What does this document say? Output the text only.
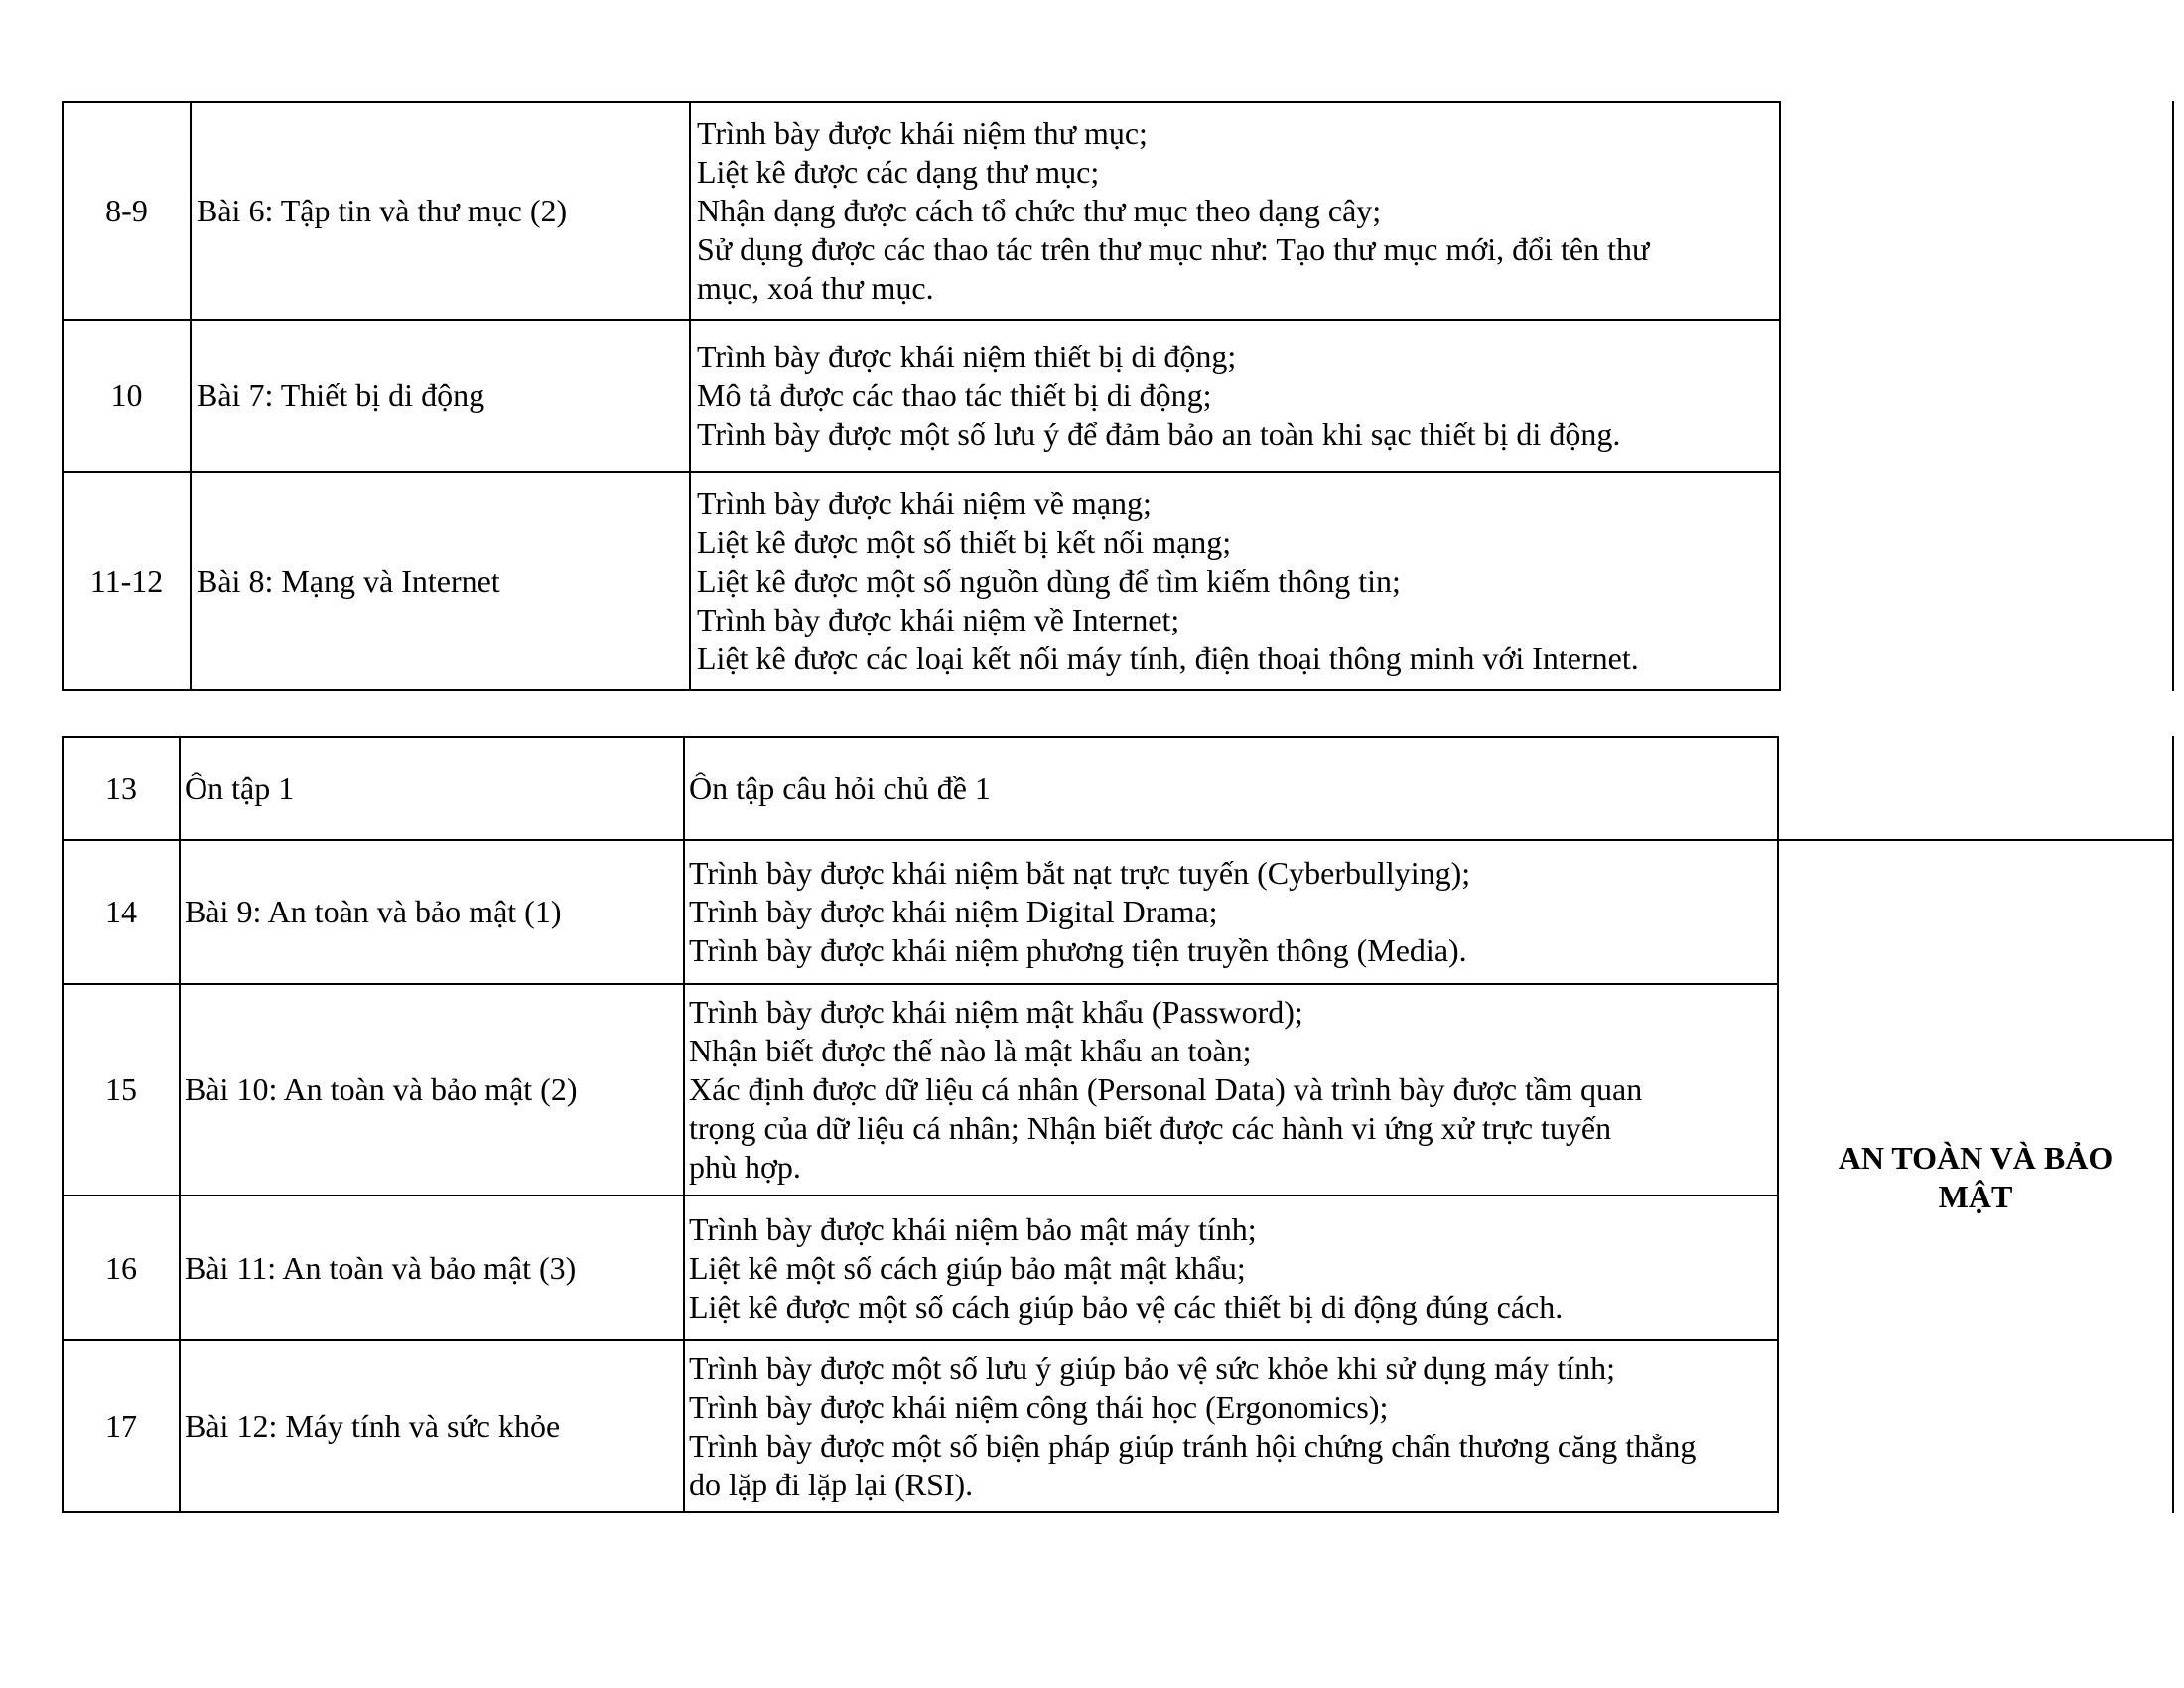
8-9 Bài 6: Tập tin và thư mục (2)
Trình bày được khái niệm thư mục;
Liệt kê được các dạng thư mục;
Nhận dạng được cách tổ chức thư mục theo dạng cây;
Sử dụng được các thao tác trên thư mục như: Tạo thư mục mới, đổi tên thư
mục, xoá thư mục.
10 Bài 7: Thiết bị di động
Trình bày được khái niệm thiết bị di động;
Mô tả được các thao tác thiết bị di động;
Trình bày được một số lưu ý để đảm bảo an toàn khi sạc thiết bị di động.
11-12 Bài 8: Mạng và Internet
Trình bày được khái niệm về mạng;
Liệt kê được một số thiết bị kết nối mạng;
Liệt kê được một số nguồn dùng để tìm kiếm thông tin;
Trình bày được khái niệm về Internet;
Liệt kê được các loại kết nối máy tính, điện thoại thông minh với Internet.
13 Ôn tập 1	Ôn tập câu hỏi chủ đề 1
14 Bài 9: An toàn và bảo mật (1)
Trình bày được khái niệm bắt nạt trực tuyến (Cyberbullying);
Trình bày được khái niệm Digital Drama;
Trình bày được khái niệm phương tiện truyền thông (Media).
15 Bài 10: An toàn và bảo mật (2)
Trình bày được khái niệm mật khẩu (Password);
Nhận biết được thế nào là mật khẩu an toàn;
Xác định được dữ liệu cá nhân (Personal Data) và trình bày được tầm quan
trọng của dữ liệu cá nhân; Nhận biết được các hành vi ứng xử trực tuyến
phù hợp.
16 Bài 11: An toàn và bảo mật (3)
Trình bày được khái niệm bảo mật máy tính;
Liệt kê một số cách giúp bảo mật mật khẩu;
Liệt kê được một số cách giúp bảo vệ các thiết bị di động đúng cách.
17 Bài 12: Máy tính và sức khỏe
Trình bày được một số lưu ý giúp bảo vệ sức khỏe khi sử dụng máy tính;
Trình bày được khái niệm công thái học (Ergonomics);
Trình bày được một số biện pháp giúp tránh hội chứng chấn thương căng thẳng
do lặp đi lặp lại (RSI).
AN TOÀN VÀ BẢO
MẬT
